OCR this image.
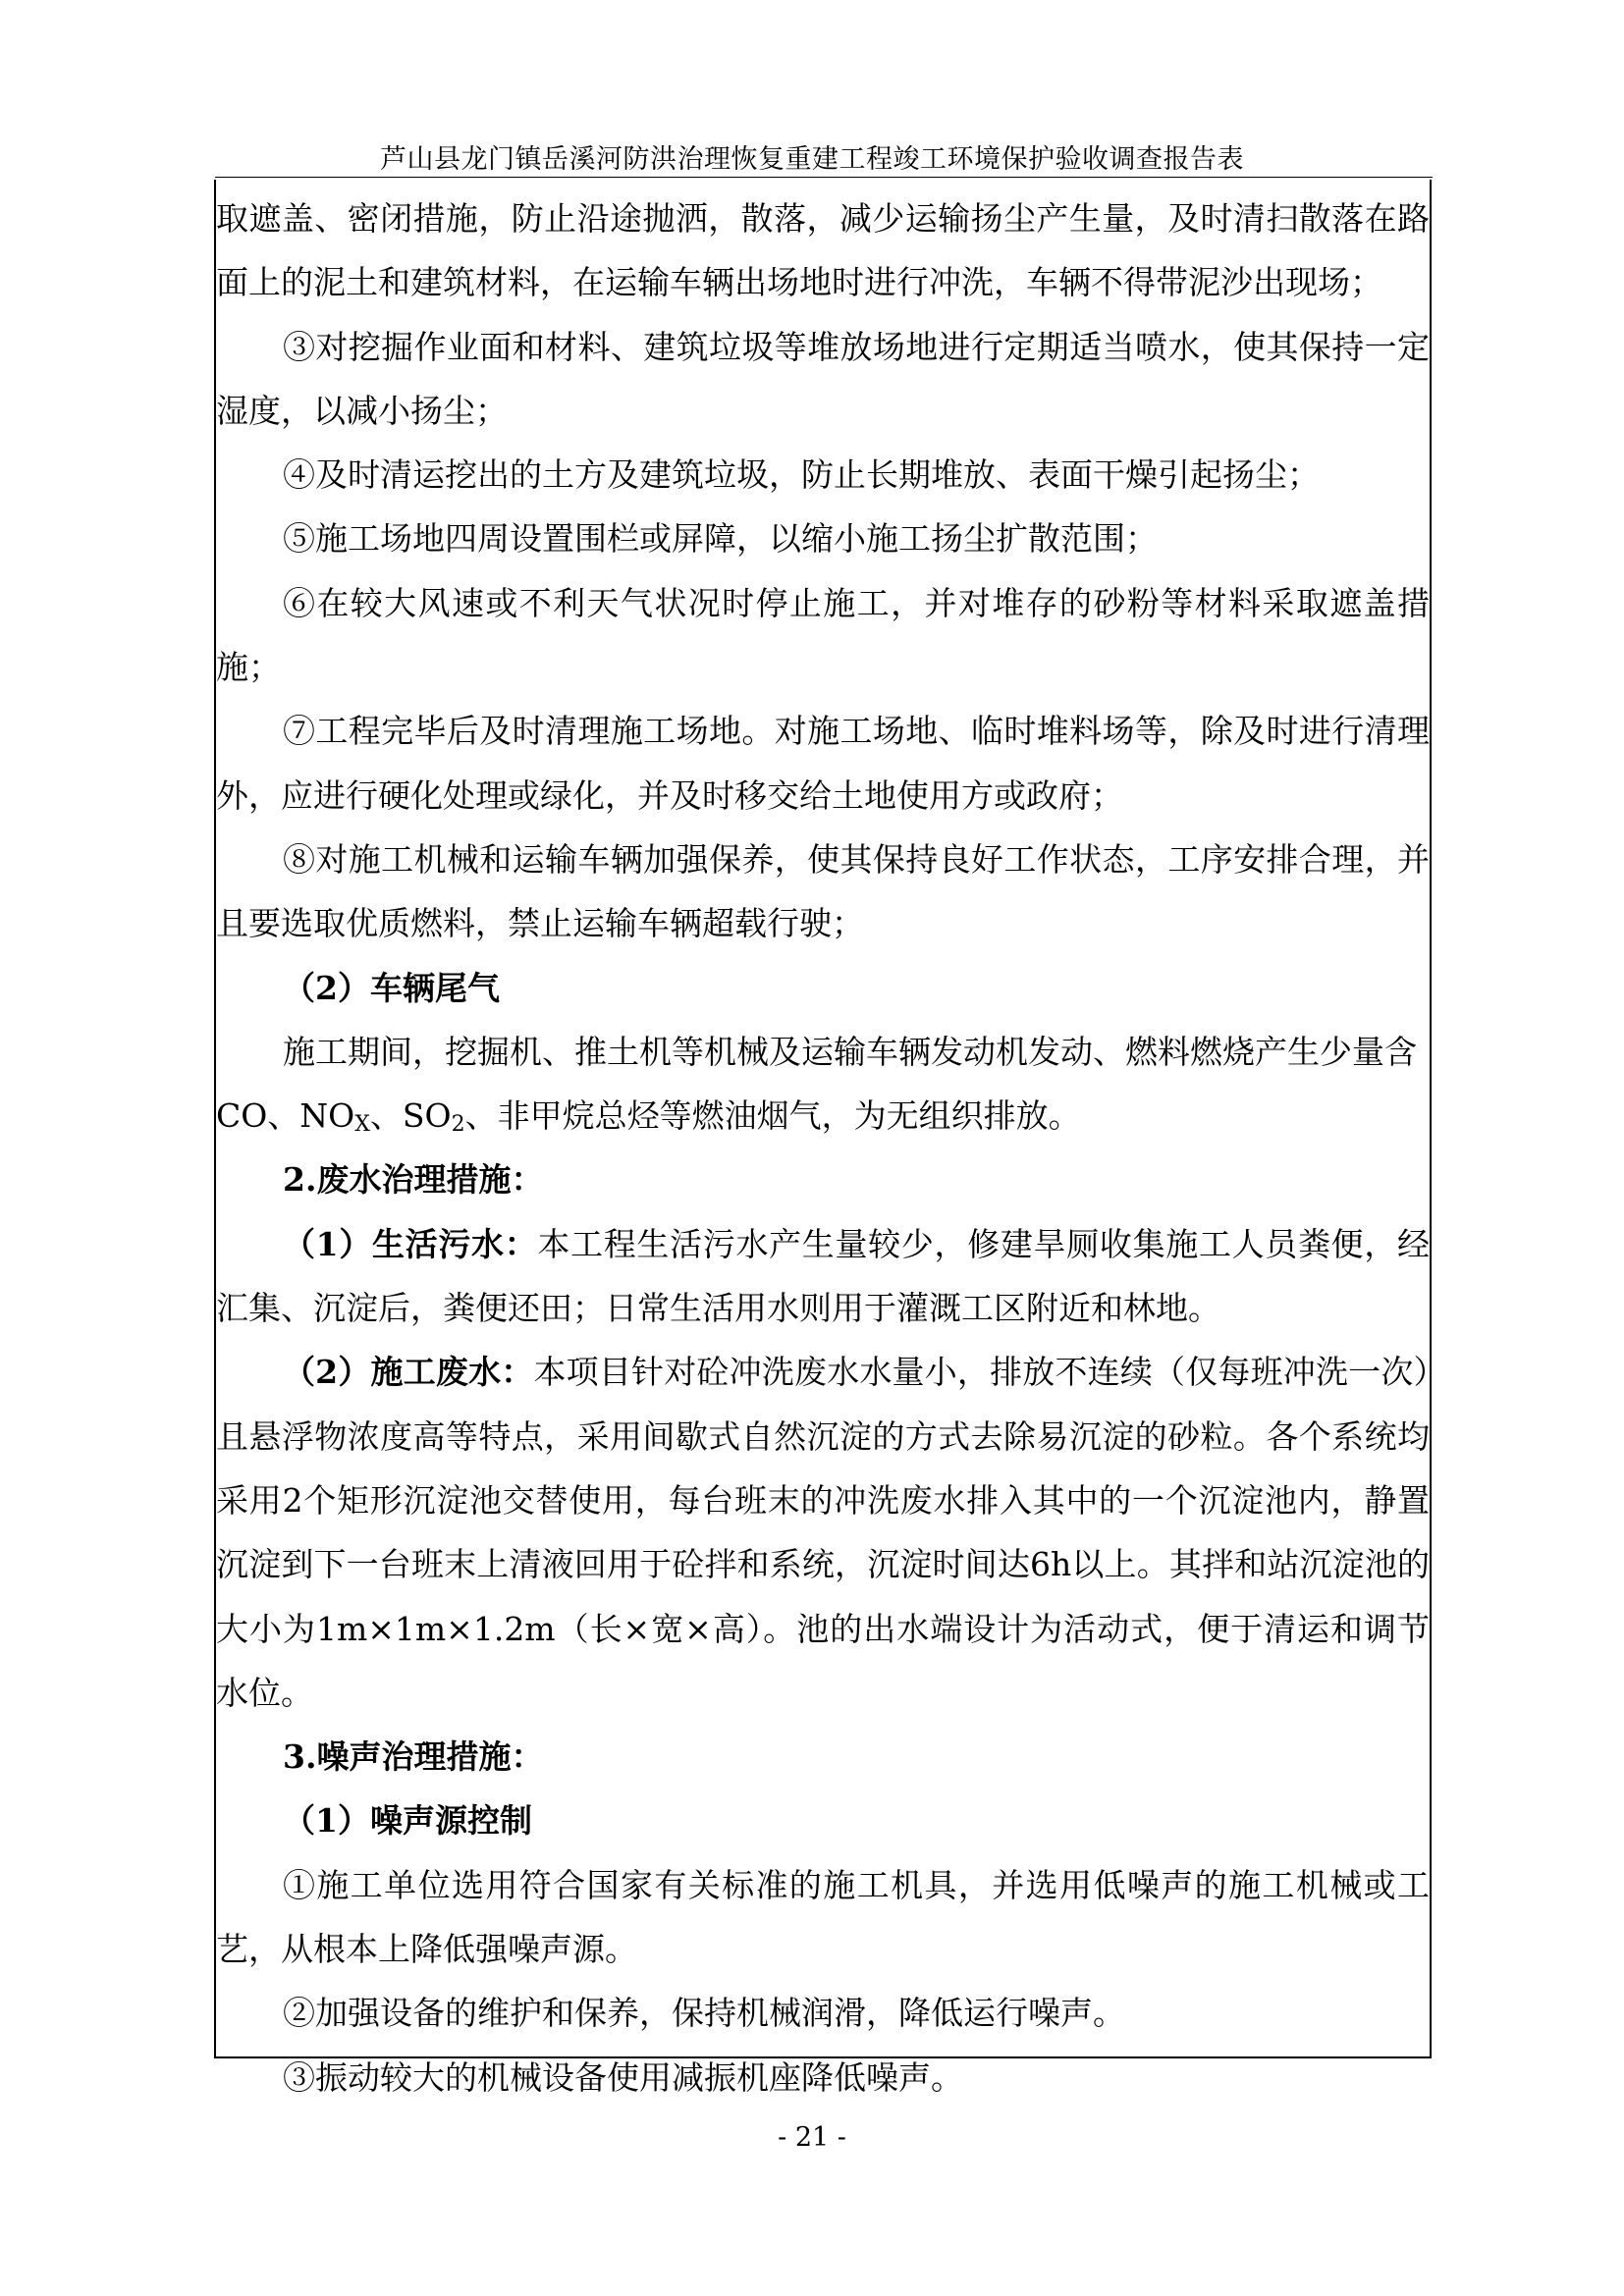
芦山县龙门镇岳溪河防洪治理恢复重建工程竣工环境保护验收调查报告表

取遮盖、密闭措施，防止沿途抛洒，散落，减少运输扬尘产生量，及时清扫散落在路面上的泥土和建筑材料，在运输车辆出场地时进行冲洗，车辆不得带泥沙出现场；

③对挖掘作业面和材料、建筑垃圾等堆放场地进行定期适当喷水，使其保持一定湿度，以减小扬尘；

④及时清运挖出的土方及建筑垃圾，防止长期堆放、表面干燥引起扬尘；

⑤施工场地四周设置围栏或屏障，以缩小施工扬尘扩散范围；

⑥在较大风速或不利天气状况时停止施工，并对堆存的砂粉等材料采取遮盖措施；

⑦工程完毕后及时清理施工场地。对施工场地、临时堆料场等，除及时进行清理外，应进行硬化处理或绿化，并及时移交给土地使用方或政府；

⑧对施工机械和运输车辆加强保养，使其保持良好工作状态，工序安排合理，并且要选取优质燃料，禁止运输车辆超载行驶；

（2）车辆尾气

施工期间，挖掘机、推土机等机械及运输车辆发动机发动、燃料燃烧产生少量含

CO、$NO_X$、$SO_2$、非甲烷总烃等燃油烟气，为无组织排放。

2.废水治理措施：

（1）生活污水：本工程生活污水产生量较少，修建旱厕收集施工人员粪便，经汇集、沉淀后，粪便还田；日常生活用水则用于灌溉工区附近和林地。

（2）施工废水：本项目针对砼冲洗废水水量小，排放不连续（仅每班冲洗一次）且悬浮物浓度高等特点，采用间歇式自然沉淀的方式去除易沉淀的砂粒。各个系统均采用2个矩形沉淀池交替使用，每台班末的冲洗废水排入其中的一个沉淀池内，静置沉淀到下一台班末上清液回用于砼拌和系统，沉淀时间达6h以上。其拌和站沉淀池的大小为1m×1m×1.2m（长×宽×高）。池的出水端设计为活动式，便于清运和调节水位。

3.噪声治理措施：

（1）噪声源控制

①施工单位选用符合国家有关标准的施工机具，并选用低噪声的施工机械或工艺，从根本上降低强噪声源。

②加强设备的维护和保养，保持机械润滑，降低运行噪声。

③振动较大的机械设备使用减振机座降低噪声。

- 21 -
